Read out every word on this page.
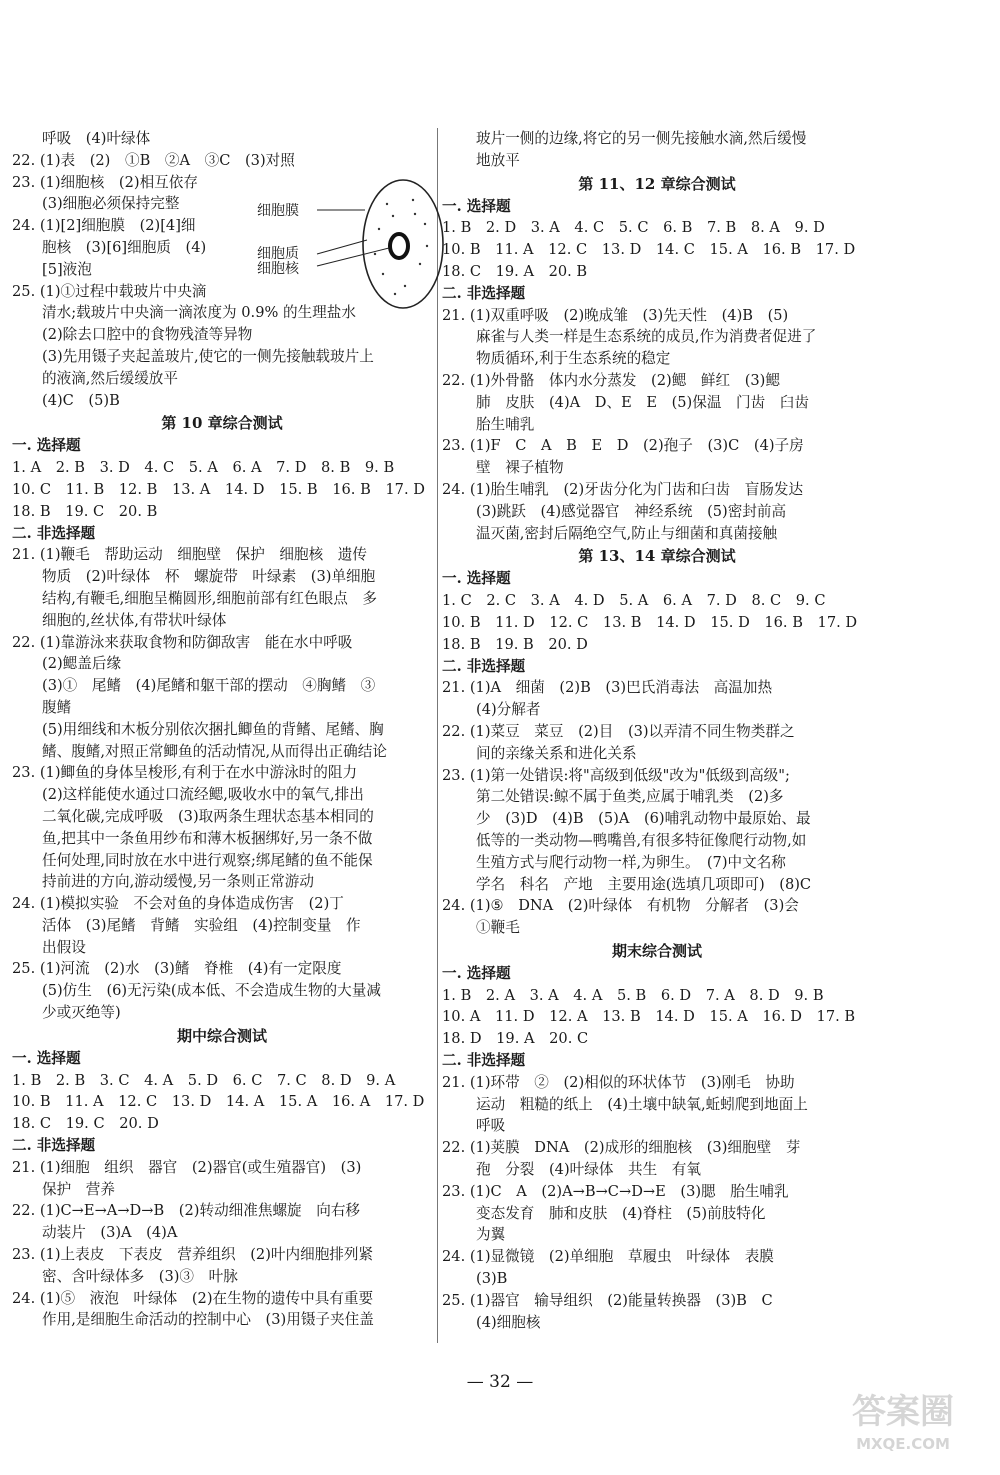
呼吸　(4)叶绿体
22. (1)表　(2)　①B　②A　③C　(3)对照
23. (1)细胞核　(2)相互依存
(3)细胞必须保持完整
24. (1)[2]细胞膜　(2)[4]细
胞核　(3)[6]细胞质　(4)
[5]液泡
25. (1)①过程中载玻片中央滴
清水;载玻片中央滴一滴浓度为 0.9% 的生理盐水
(2)除去口腔中的食物残渣等异物
(3)先用镊子夹起盖玻片,使它的一侧先接触载玻片上
的液滴,然后缓缓放平
(4)C　(5)B
第 10 章综合测试
一. 选择题
1. A　2. B　3. D　4. C　5. A　6. A　7. D　8. B　9. B
10. C　11. B　12. B　13. A　14. D　15. B　16. B　17. D
18. B　19. C　20. B
二. 非选择题
21. (1)鞭毛　帮助运动　细胞壁　保护　细胞核　遗传
物质　(2)叶绿体　杯　螺旋带　叶绿素　(3)单细胞
结构,有鞭毛,细胞呈椭圆形,细胞前部有红色眼点　多
细胞的,丝状体,有带状叶绿体
22. (1)靠游泳来获取食物和防御敌害　能在水中呼吸
(2)鳃盖后缘
(3)①　尾鳍　(4)尾鳍和躯干部的摆动　④胸鳍　③
腹鳍
(5)用细线和木板分别依次捆扎鲫鱼的背鳍、尾鳍、胸
鳍、腹鳍,对照正常鲫鱼的活动情况,从而得出正确结论
23. (1)鲫鱼的身体呈梭形,有利于在水中游泳时的阻力
(2)这样能使水通过口流经鳃,吸收水中的氧气,排出
二氧化碳,完成呼吸　(3)取两条生理状态基本相同的
鱼,把其中一条鱼用纱布和薄木板捆绑好,另一条不做
任何处理,同时放在水中进行观察;绑尾鳍的鱼不能保
持前进的方向,游动缓慢,另一条则正常游动
24. (1)模拟实验　不会对鱼的身体造成伤害　(2)丁
活体　(3)尾鳍　背鳍　实验组　(4)控制变量　作
出假设
25. (1)河流　(2)水　(3)鳍　脊椎　(4)有一定限度
(5)仿生　(6)无污染(成本低、不会造成生物的大量减
少或灭绝等)
期中综合测试
一. 选择题
1. B　2. B　3. C　4. A　5. D　6. C　7. C　8. D　9. A
10. B　11. A　12. C　13. D　14. A　15. A　16. A　17. D
18. C　19. C　20. D
二. 非选择题
21. (1)细胞　组织　器官　(2)器官(或生殖器官)　(3)
保护　营养
22. (1)C→E→A→D→B　(2)转动细准焦螺旋　向右移
动装片　(3)A　(4)A
23. (1)上表皮　下表皮　营养组织　(2)叶内细胞排列紧
密、含叶绿体多　(3)③　叶脉
24. (1)⑤　液泡　叶绿体　(2)在生物的遗传中具有重要
作用,是细胞生命活动的控制中心　(3)用镊子夹住盖
玻片一侧的边缘,将它的另一侧先接触水滴,然后缓慢
地放平
第 11、12 章综合测试
一. 选择题
1. B　2. D　3. A　4. C　5. C　6. B　7. B　8. A　9. D
10. B　11. A　12. C　13. D　14. C　15. A　16. B　17. D
18. C　19. A　20. B
二. 非选择题
21. (1)双重呼吸　(2)晚成雏　(3)先天性　(4)B　(5)
麻雀与人类一样是生态系统的成员,作为消费者促进了
物质循环,利于生态系统的稳定
22. (1)外骨骼　体内水分蒸发　(2)鳃　鲜红　(3)鳃
肺　皮肤　(4)A　D、E　E　(5)保温　门齿　臼齿
胎生哺乳
23. (1)F　C　A　B　E　D　(2)孢子　(3)C　(4)子房
壁　裸子植物
24. (1)胎生哺乳　(2)牙齿分化为门齿和臼齿　盲肠发达
(3)跳跃　(4)感觉器官　神经系统　(5)密封前高
温灭菌,密封后隔绝空气,防止与细菌和真菌接触
第 13、14 章综合测试
一. 选择题
1. C　2. C　3. A　4. D　5. A　6. A　7. D　8. C　9. C
10. B　11. D　12. C　13. B　14. D　15. D　16. B　17. D
18. B　19. B　20. D
二. 非选择题
21. (1)A　细菌　(2)B　(3)巴氏消毒法　高温加热
(4)分解者
22. (1)菜豆　菜豆　(2)目　(3)以弄清不同生物类群之
间的亲缘关系和进化关系
23. (1)第一处错误:将"高级到低级"改为"低级到高级";
第二处错误:鲸不属于鱼类,应属于哺乳类　(2)多
少　(3)D　(4)B　(5)A　(6)哺乳动物中最原始、最
低等的一类动物—鸭嘴兽,有很多特征像爬行动物,如
生殖方式与爬行动物一样,为卵生。　(7)中文名称
学名　科名　产地　主要用途(选填几项即可)　(8)C
24. (1)⑤　DNA　(2)叶绿体　有机物　分解者　(3)会
①鞭毛
期末综合测试
一. 选择题
1. B　2. A　3. A　4. A　5. B　6. D　7. A　8. D　9. B
10. A　11. D　12. A　13. B　14. D　15. A　16. D　17. B
18. D　19. A　20. C
二. 非选择题
21. (1)环带　②　(2)相似的环状体节　(3)刚毛　协助
运动　粗糙的纸上　(4)土壤中缺氧,蚯蚓爬到地面上
呼吸
22. (1)荚膜　DNA　(2)成形的细胞核　(3)细胞壁　芽
孢　分裂　(4)叶绿体　共生　有氧
23. (1)C　A　(2)A→B→C→D→E　(3)腮　胎生哺乳
变态发育　肺和皮肤　(4)脊柱　(5)前肢特化
为翼
24. (1)显微镜　(2)单细胞　草履虫　叶绿体　表膜
(3)B
25. (1)器官　输导组织　(2)能量转换器　(3)B　C
(4)细胞核
细胞膜
细胞质
细胞核
— 32 —
答案圈
MXQE.COM
